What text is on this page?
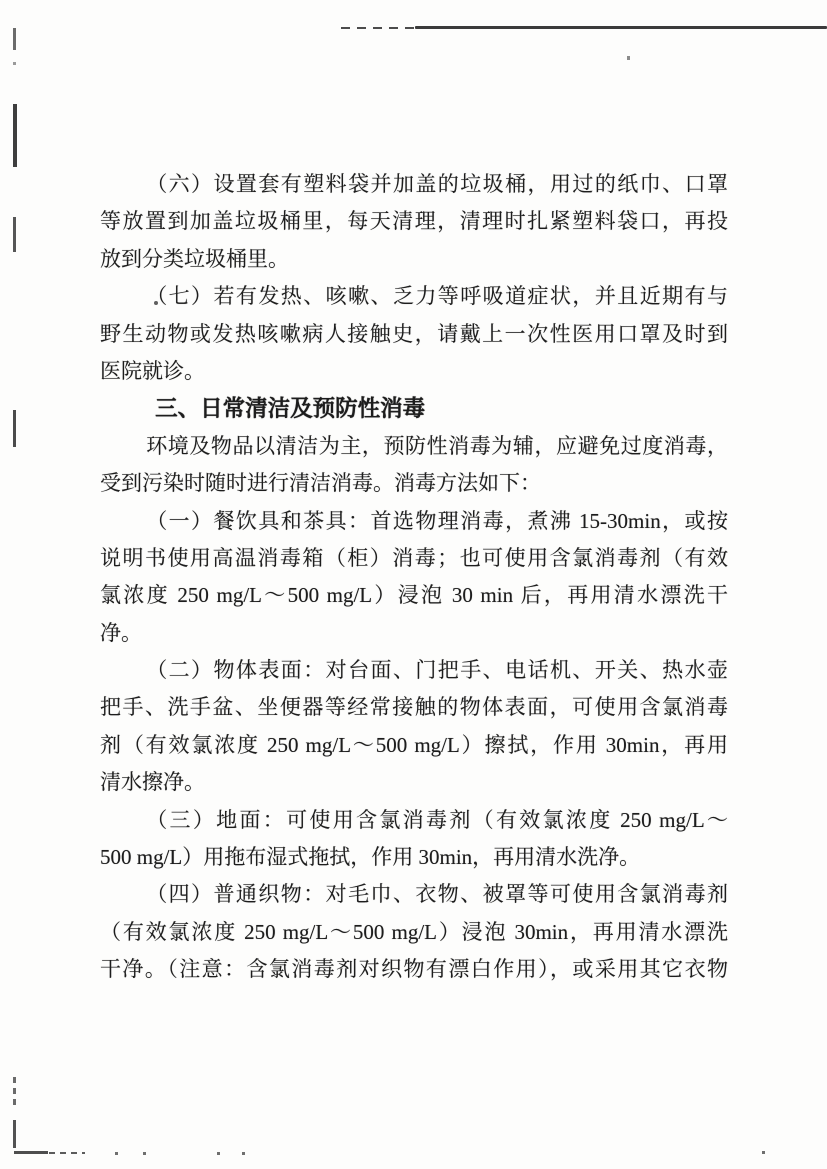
（六）设置套有塑料袋并加盖的垃圾桶，用过的纸巾、口罩
等放置到加盖垃圾桶里，每天清理，清理时扎紧塑料袋口，再投
放到分类垃圾桶里。
（七）若有发热、咳嗽、乏力等呼吸道症状，并且近期有与
野生动物或发热咳嗽病人接触史，请戴上一次性医用口罩及时到
医院就诊。
三、日常清洁及预防性消毒
环境及物品以清洁为主，预防性消毒为辅，应避免过度消毒，
受到污染时随时进行清洁消毒。消毒方法如下：
（一）餐饮具和茶具：首选物理消毒，煮沸 15-30min，或按
说明书使用高温消毒箱（柜）消毒；也可使用含氯消毒剂（有效
氯浓度 250 mg/L～500 mg/L）浸泡 30 min 后，再用清水漂洗干
净。
（二）物体表面：对台面、门把手、电话机、开关、热水壶
把手、洗手盆、坐便器等经常接触的物体表面，可使用含氯消毒
剂（有效氯浓度 250 mg/L～500 mg/L）擦拭，作用 30min，再用
清水擦净。
（三）地面：可使用含氯消毒剂（有效氯浓度 250 mg/L～
500 mg/L）用拖布湿式拖拭，作用 30min，再用清水洗净。
（四）普通织物：对毛巾、衣物、被罩等可使用含氯消毒剂
（有效氯浓度 250 mg/L～500 mg/L）浸泡 30min，再用清水漂洗
干净。（注意：含氯消毒剂对织物有漂白作用），或采用其它衣物
